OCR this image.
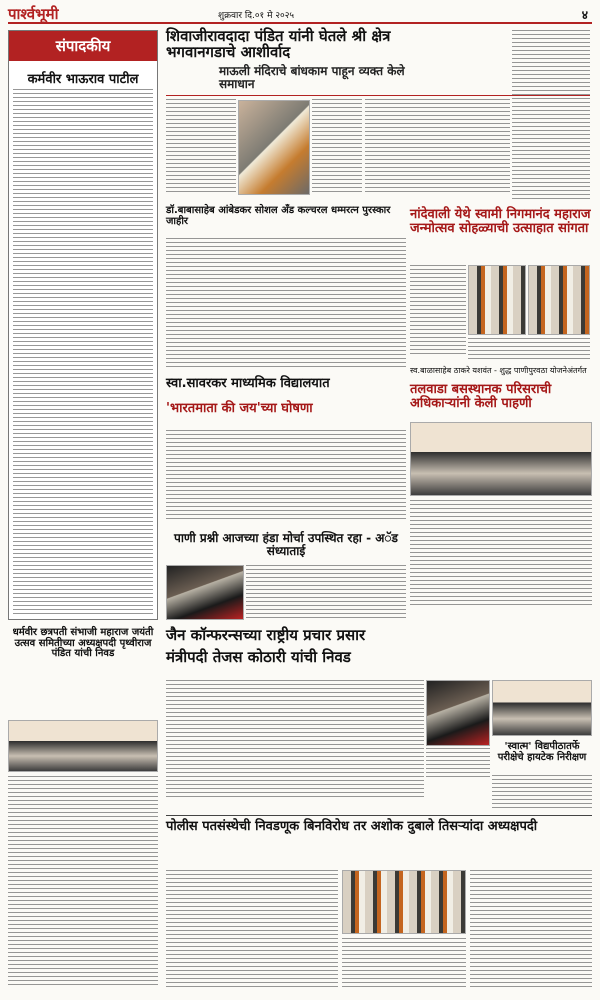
पार्श्वभूमी	शुक्रवार दि.०१ मे २०२५	४
संपादकीय
कर्मवीर भाऊराव पाटील
शिवाजीरावदादा पंडित यांनी घेतले श्री क्षेत्र भगवानगडाचे आशीर्वाद
माऊली मंदिराचे बांधकाम पाहून व्यक्त केले समाधान
डॉ.बाबासाहेब आंबेडकर सोशल अँड कल्चरल धम्मरत्न पुरस्कार जाहीर	नांदेवाली येथे स्वामी निगमानंद महाराज जन्मोत्सव सोहळ्याची उत्साहात सांगता
स्वा.सावरकर माध्यमिक विद्यालयात
'भारतमाता की जय'च्या घोषणा
स्व.बाळासाहेब ठाकरे यशवंत - शुद्ध पाणीपुरवठा योजनेअंतर्गत
तलवाडा बसस्थानक परिसराची अधिकाऱ्यांनी केली पाहणी
पाणी प्रश्नी आजच्या हंडा मोर्चा उपस्थित रहा - अॅड संध्याताई
जैन कॉन्फरन्सच्या राष्ट्रीय प्रचार प्रसार
मंत्रीपदी तेजस कोठारी यांची निवड
धर्मवीर छत्रपती संभाजी महाराज जयंती उत्सव समितीच्या अध्यक्षपदी पृथ्वीराज पंडित यांची निवड
'स्वात्म' विद्यपीठातर्फे परीक्षेचे हायटेक निरीक्षण
पोलीस पतसंस्थेची निवडणूक बिनविरोध तर अशोक दुबाले तिसऱ्यांदा अध्यक्षपदी
